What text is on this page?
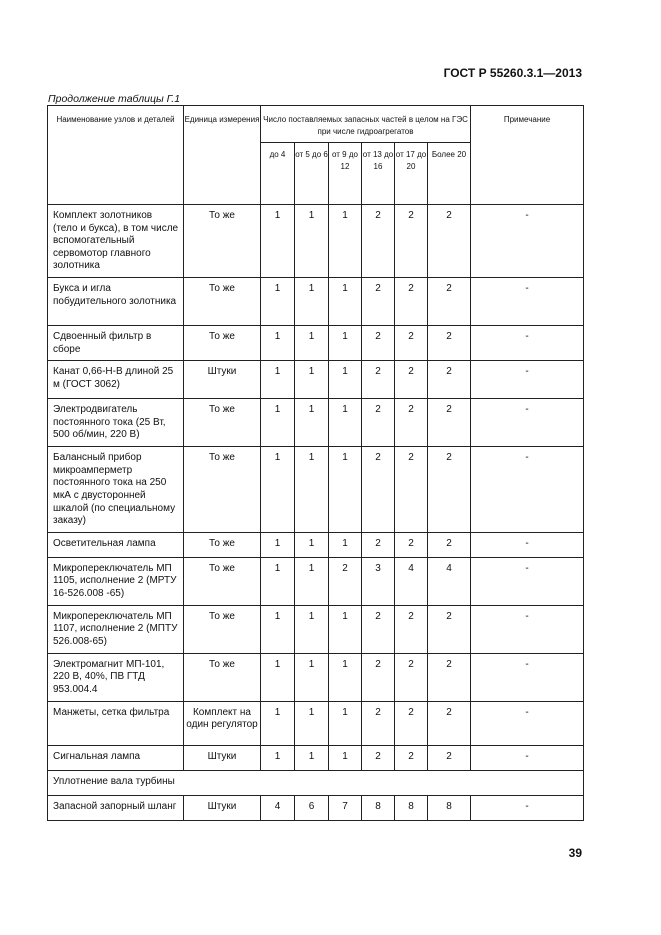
ГОСТ Р 55260.3.1—2013
Продолжение таблицы Г.1
Наименование узлов и деталей	Единица измерения	Число поставляемых запасных частей в целом на ГЭС при числе гидроагрегатов						Примечание
		до 4	от 5 до 6	от 9 до 12	от 13 до 16	от 17 до 20	Более 20	
Комплект золотников (тело и букса), в том числе вспомогательный сервомотор главного золотника	То же	1	1	1	2	2	2	-
Букса и игла побудительного золотника	То же	1	1	1	2	2	2	-
Сдвоенный фильтр в сборе	То же	1	1	1	2	2	2	-
Канат 0,66-Н-В длиной 25 м (ГОСТ 3062)	Штуки	1	1	1	2	2	2	-
Электродвигатель постоянного тока (25 Вт, 500 об/мин, 220 В)	То же	1	1	1	2	2	2	-
Балансный прибор микроамперметр постоянного тока на 250 мкА с двусторонней шкалой (по специальному заказу)	То же	1	1	1	2	2	2	-
Осветительная лампа	То же	1	1	1	2	2	2	-
Микропереключатель МП 1105, исполнение 2 (МРТУ 16-526.008 -65)	То же	1	1	2	3	4	4	-
Микропереключатель МП 1107, исполнение 2 (МПТУ 526.008-65)	То же	1	1	1	2	2	2	-
Электромагнит МП-101, 220 В, 40%, ПВ ГТД 953.004.4	То же	1	1	1	2	2	2	-
Манжеты, сетка фильтра	Комплект на один регулятор	1	1	1	2	2	2	-
Сигнальная лампа	Штуки	1	1	1	2	2	2	-
Уплотнение вала турбины								
Запасной запорный шланг	Штуки	4	6	7	8	8	8	-
39
